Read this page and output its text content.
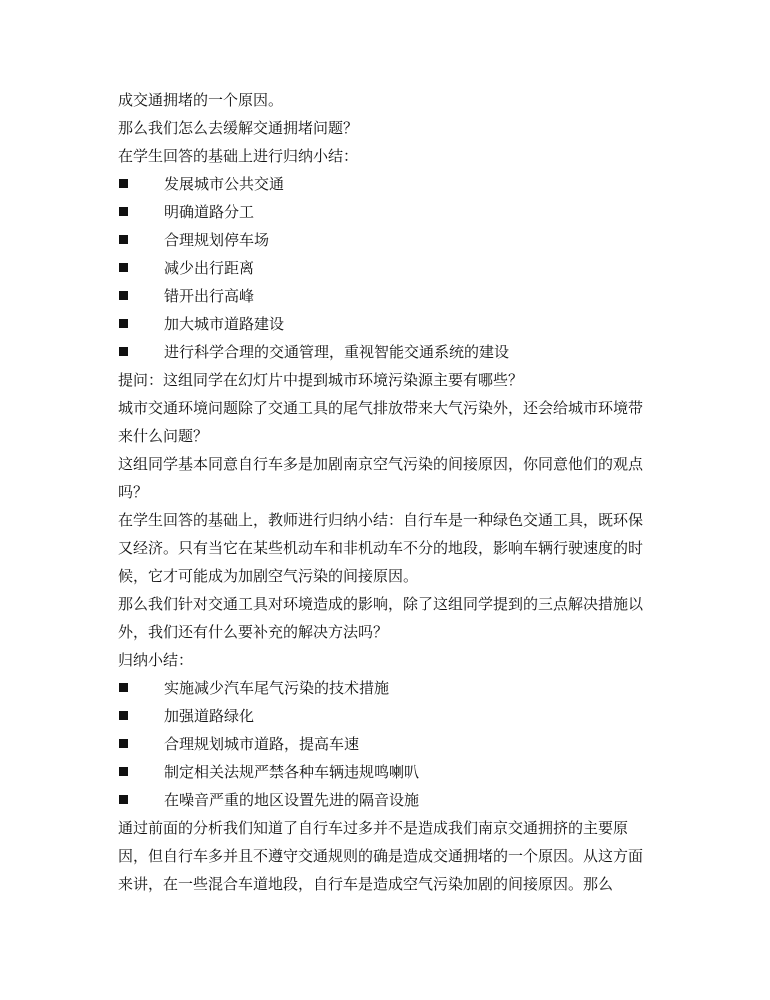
成交通拥堵的一个原因。

那么我们怎么去缓解交通拥堵问题？

在学生回答的基础上进行归纳小结：

发展城市公共交通
明确道路分工
合理规划停车场
减少出行距离
错开出行高峰
加大城市道路建设
进行科学合理的交通管理，重视智能交通系统的建设

提问：这组同学在幻灯片中提到城市环境污染源主要有哪些？

城市交通环境问题除了交通工具的尾气排放带来大气污染外，还会给城市环境带来什么问题？

这组同学基本同意自行车多是加剧南京空气污染的间接原因，你同意他们的观点吗？

在学生回答的基础上，教师进行归纳小结：自行车是一种绿色交通工具，既环保又经济。只有当它在某些机动车和非机动车不分的地段，影响车辆行驶速度的时候，它才可能成为加剧空气污染的间接原因。

那么我们针对交通工具对环境造成的影响，除了这组同学提到的三点解决措施以外，我们还有什么要补充的解决方法吗？

归纳小结：

实施减少汽车尾气污染的技术措施
加强道路绿化
合理规划城市道路，提高车速
制定相关法规严禁各种车辆违规鸣喇叭
在噪音严重的地区设置先进的隔音设施

通过前面的分析我们知道了自行车过多并不是造成我们南京交通拥挤的主要原因，但自行车多并且不遵守交通规则的确是造成交通拥堵的一个原因。从这方面来讲，在一些混合车道地段，自行车是造成空气污染加剧的间接原因。那么
